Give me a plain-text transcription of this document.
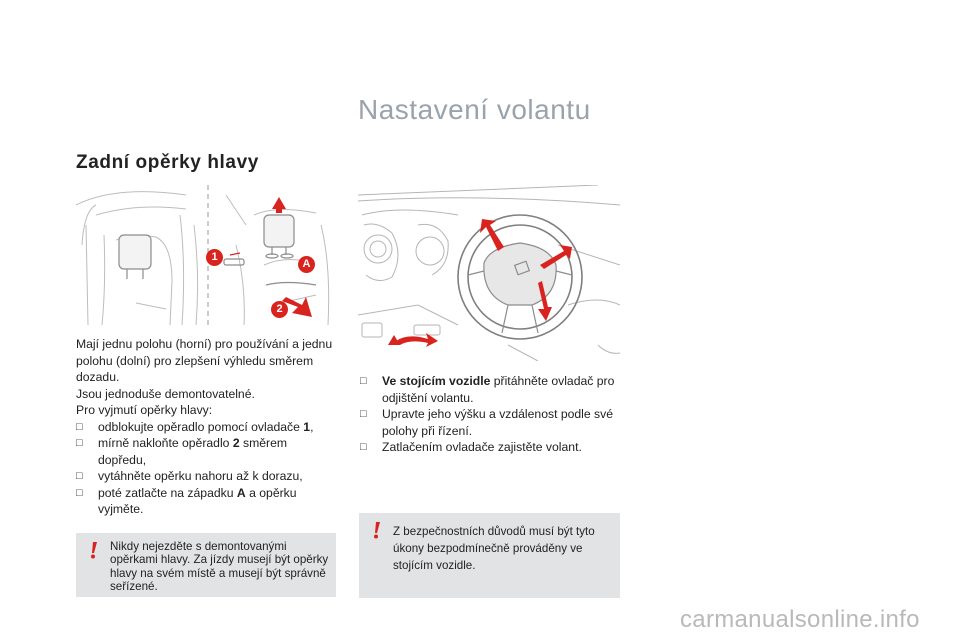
Nastavení volantu
Zadní opěrky hlavy
1
A
2

Mají jednu polohu (horní) pro používání a jednu polohu (dolní) pro zlepšení výhledu směrem dozadu.

Jsou jednoduše demontovatelné.

Pro vyjmutí opěrky hlavy:

□ odblokujte opěradlo pomocí ovladače 1,
□ mírně nakloňte opěradlo 2 směrem dopředu,
□ vytáhněte opěrku nahoru až k dorazu,
□ poté zatlačte na západku A a opěrku vyjměte.
□ Ve stojícím vozidle přitáhněte ovladač pro odjištění volantu.
□ Upravte jeho výšku a vzdálenost podle své polohy při řízení.
□ Zatlačením ovladače zajistěte volant.
Nikdy nejezděte s demontovanými opěrkami hlavy. Za jízdy musejí být opěrky hlavy na svém místě a musejí být správně seřízené.
Z bezpečnostních důvodů musí být tyto úkony bezpodmínečně prováděny ve stojícím vozidle.
carmanualsonline.info
